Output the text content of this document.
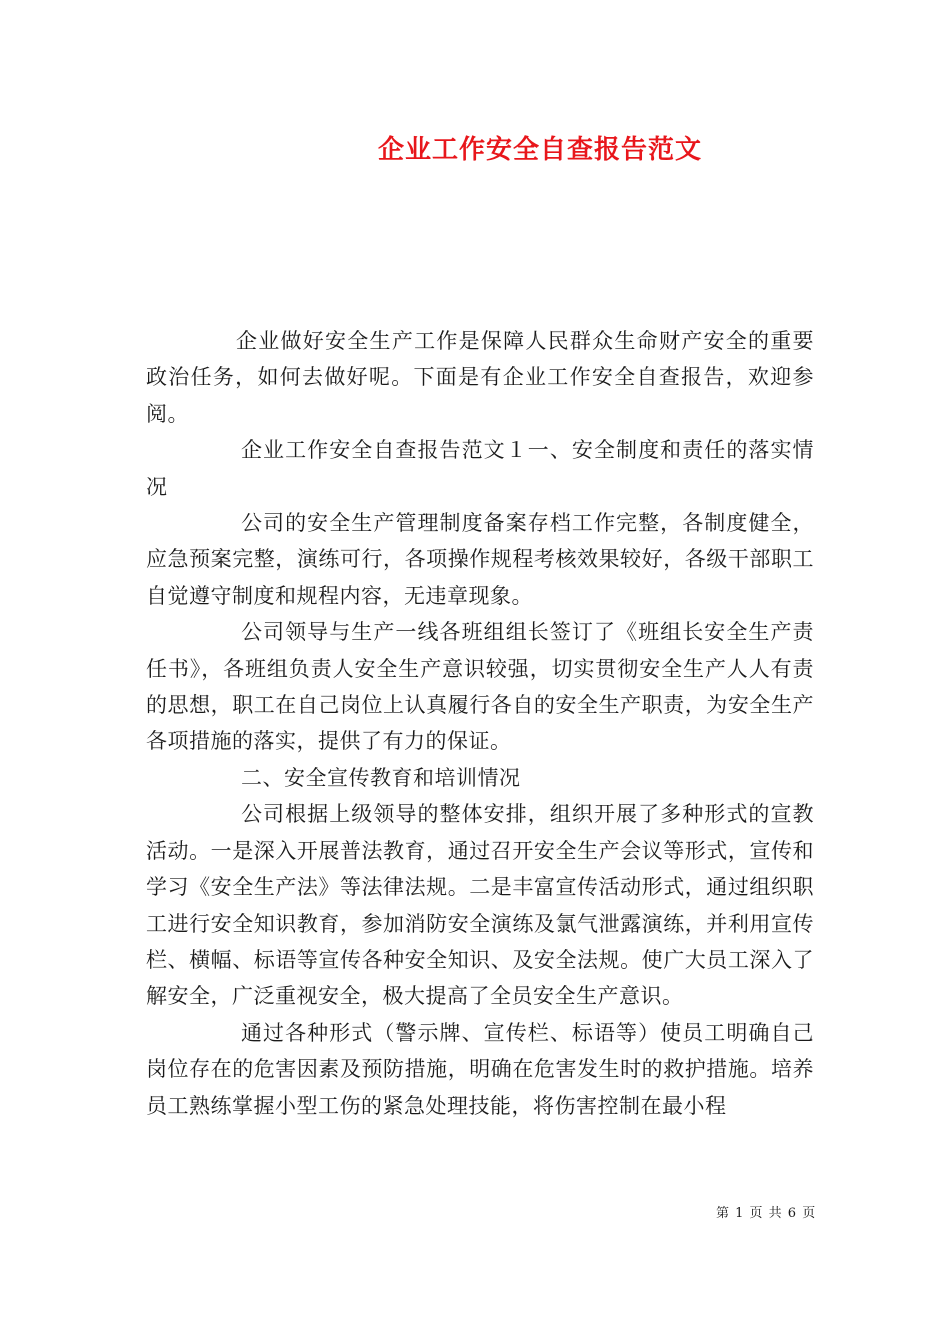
企业工作安全自查报告范文

企业做好安全生产工作是保障人民群众生命财产安全的重要政治任务，如何去做好呢。下面是有企业工作安全自查报告，欢迎参阅。

企业工作安全自查报告范文１一、安全制度和责任的落实情况

公司的安全生产管理制度备案存档工作完整，各制度健全，应急预案完整，演练可行，各项操作规程考核效果较好，各级干部职工自觉遵守制度和规程内容，无违章现象。

公司领导与生产一线各班组组长签订了《班组长安全生产责任书》，各班组负责人安全生产意识较强，切实贯彻安全生产人人有责的思想，职工在自己岗位上认真履行各自的安全生产职责，为安全生产各项措施的落实，提供了有力的保证。

二、安全宣传教育和培训情况

公司根据上级领导的整体安排，组织开展了多种形式的宣教活动。一是深入开展普法教育，通过召开安全生产会议等形式，宣传和学习《安全生产法》等法律法规。二是丰富宣传活动形式，通过组织职工进行安全知识教育，参加消防安全演练及氯气泄露演练，并利用宣传栏、横幅、标语等宣传各种安全知识、及安全法规。使广大员工深入了解安全，广泛重视安全，极大提高了全员安全生产意识。

通过各种形式（警示牌、宣传栏、标语等）使员工明确自己岗位存在的危害因素及预防措施，明确在危害发生时的救护措施。培养员工熟练掌握小型工伤的紧急处理技能，将伤害控制在最小程

第 1 页 共 6 页
